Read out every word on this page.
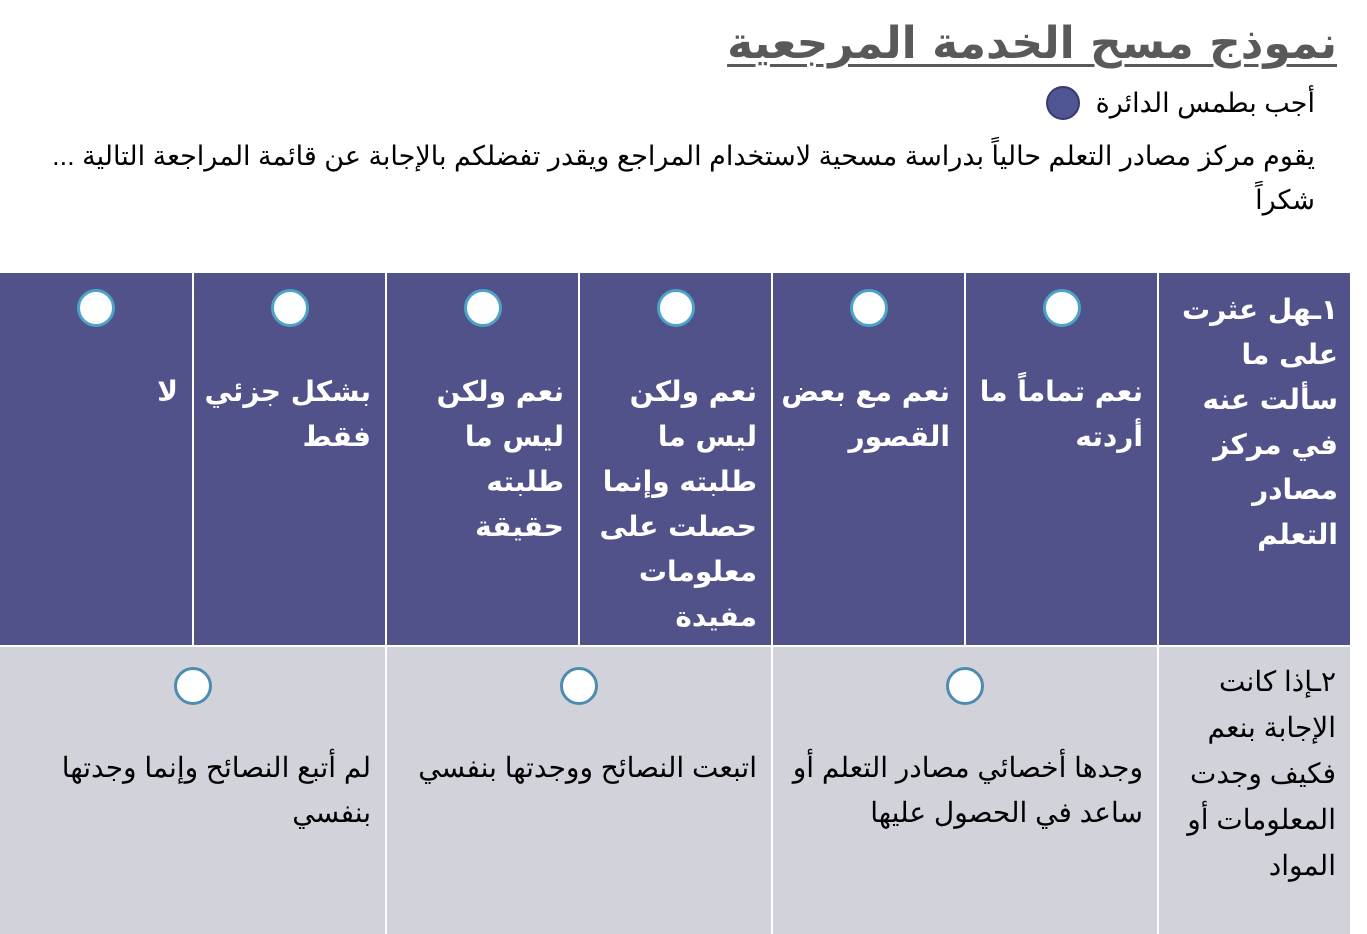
نموذج مسح الخدمة المرجعية
أجب بطمس الدائرة

يقوم مركز مصادر التعلم حالياً بدراسة مسحية لاستخدام المراجع ويقدر تفضلكم بالإجابة عن قائمة المراجعة التالية ... شكراً

١ـهل عثرت على ما سألت عنه في مركز مصادر التعلم
نعم تماماً ما أردته
نعم مع بعض القصور
نعم ولكن ليس ما طلبته وإنما حصلت على معلومات مفيدة
نعم ولكن ليس ما طلبته حقيقة
بشكل جزئي فقط
لا
٢ـإذا كانت الإجابة بنعم فكيف وجدت المعلومات أو المواد
وجدها أخصائي مصادر التعلم أو ساعد في الحصول عليها
اتبعت النصائح ووجدتها بنفسي
لم أتبع النصائح وإنما وجدتها بنفسي
